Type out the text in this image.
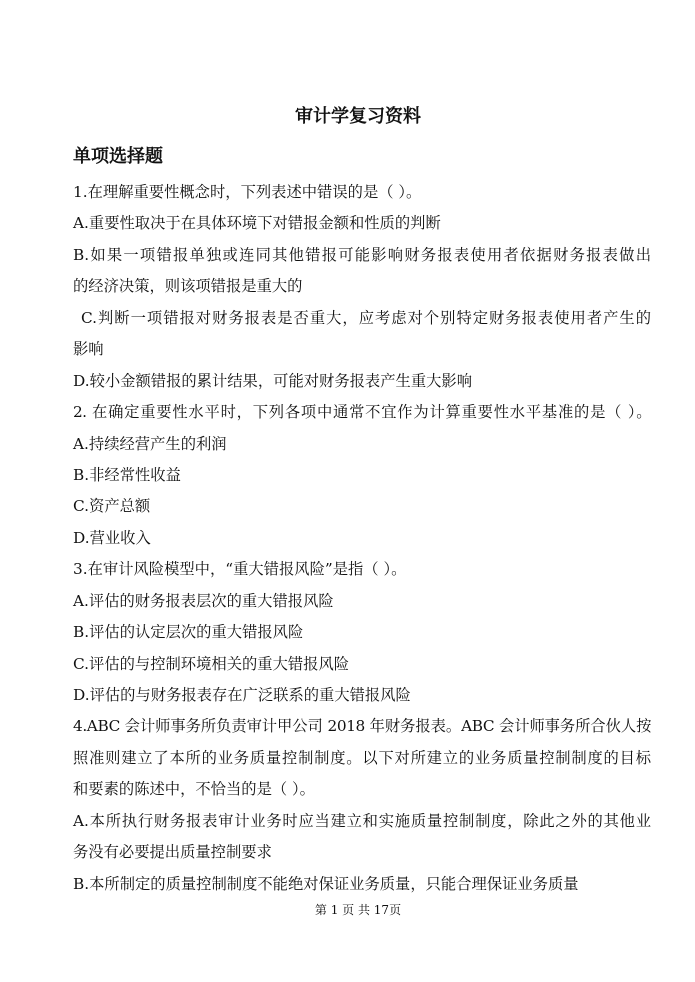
审计学复习资料
单项选择题
1.在理解重要性概念时，下列表述中错误的是（ ）。
A.重要性取决于在具体环境下对错报金额和性质的判断
B.如果一项错报单独或连同其他错报可能影响财务报表使用者依据财务报表做出
的经济决策，则该项错报是重大的
C.判断一项错报对财务报表是否重大，应考虑对个别特定财务报表使用者产生的
影响
D.较小金额错报的累计结果，可能对财务报表产生重大影响
2. 在确定重要性水平时，下列各项中通常不宜作为计算重要性水平基准的是（ ）。
A.持续经营产生的利润
B.非经常性收益
C.资产总额
D.营业收入
3.在审计风险模型中，“重大错报风险”是指（ ）。
A.评估的财务报表层次的重大错报风险
B.评估的认定层次的重大错报风险
C.评估的与控制环境相关的重大错报风险
D.评估的与财务报表存在广泛联系的重大错报风险
4.ABC 会计师事务所负责审计甲公司 2018 年财务报表。ABC 会计师事务所合伙人按
照准则建立了本所的业务质量控制制度。以下对所建立的业务质量控制制度的目标
和要素的陈述中，不恰当的是（ ）。
A.本所执行财务报表审计业务时应当建立和实施质量控制制度，除此之外的其他业
务没有必要提出质量控制要求
B.本所制定的质量控制制度不能绝对保证业务质量，只能合理保证业务质量
第 1 页 共 17页
